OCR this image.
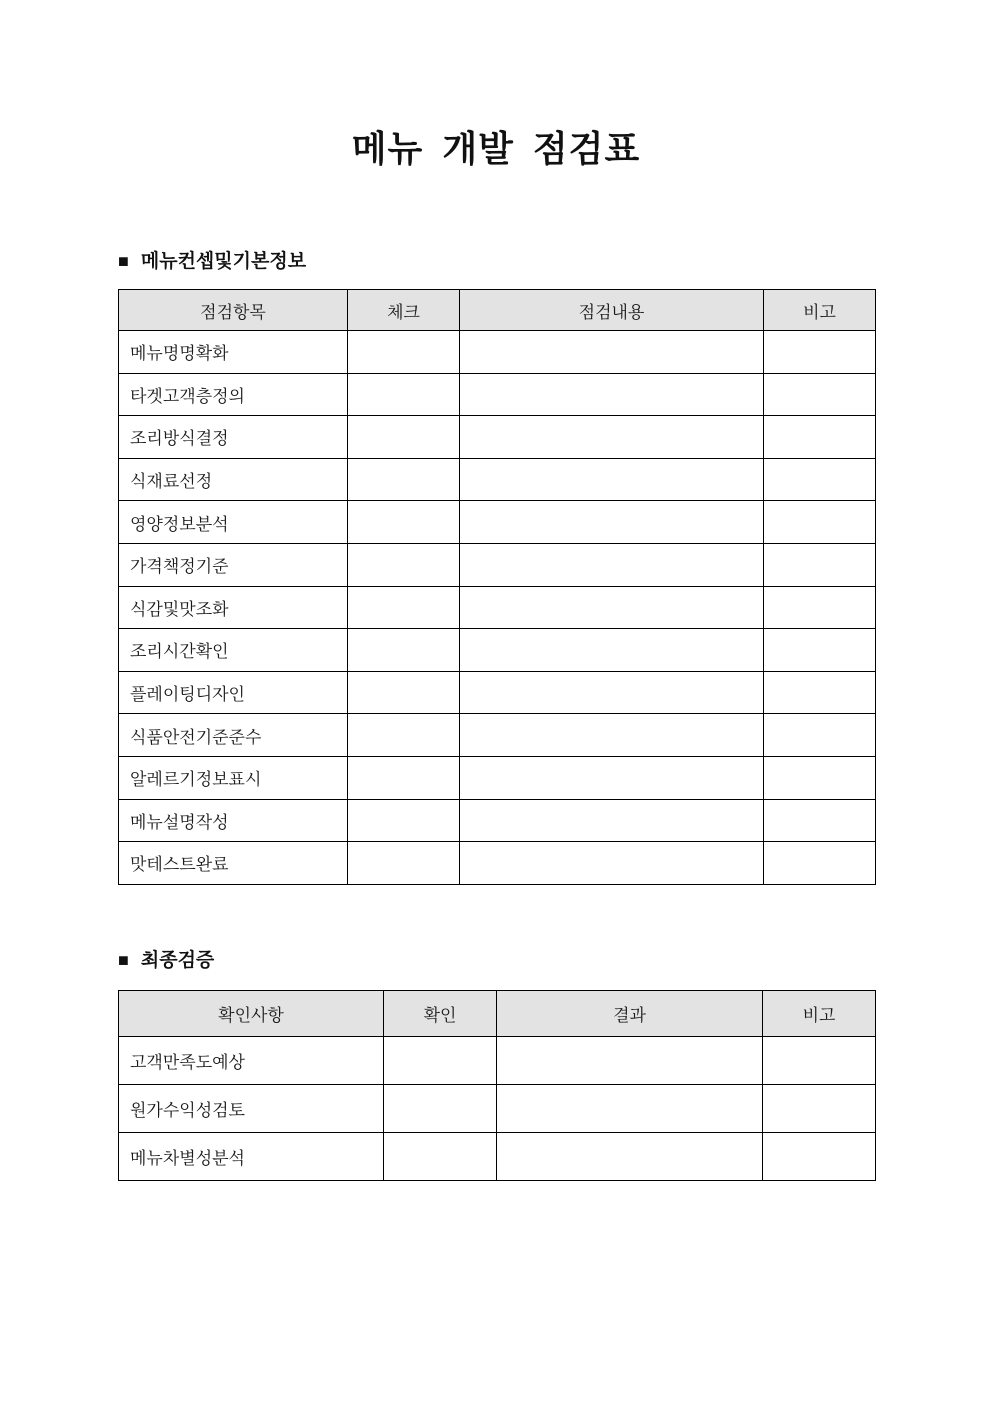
메뉴 개발 점검표
■ 메뉴컨셉및기본정보
점검항목	체크	점검내용	비고
메뉴명명확화			
타겟고객층정의			
조리방식결정			
식재료선정			
영양정보분석			
가격책정기준			
식감및맛조화			
조리시간확인			
플레이팅디자인			
식품안전기준준수			
알레르기정보표시			
메뉴설명작성			
맛테스트완료			
■ 최종검증
확인사항	확인	결과	비고
고객만족도예상			
원가수익성검토			
메뉴차별성분석			
